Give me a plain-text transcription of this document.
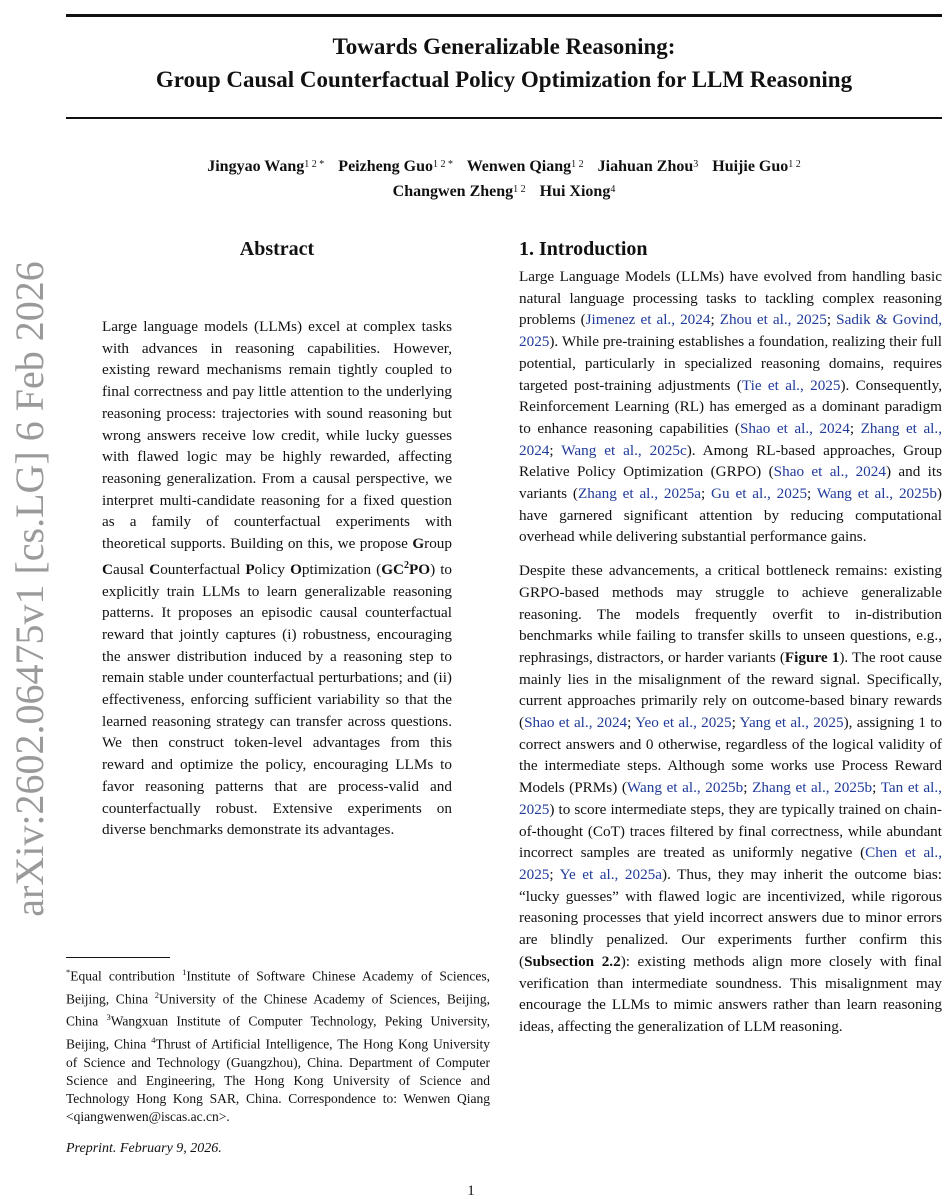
Towards Generalizable Reasoning:
Group Causal Counterfactual Policy Optimization for LLM Reasoning
Jingyao Wang$^{1 2 *}$ Peizheng Guo$^{1 2 *}$ Wenwen Qiang$^{1 2}$ Jiahuan Zhou$^3$ Huijie Guo$^{1 2}$
Changwen Zheng$^{1 2}$ Hui Xiong$^4$
arXiv:2602.06475v1 [cs.LG] 6 Feb 2026
Abstract
Large language models (LLMs) excel at complex tasks with advances in reasoning capabilities. However, existing reward mechanisms remain tightly coupled to final correctness and pay little attention to the underlying reasoning process: trajectories with sound reasoning but wrong answers receive low credit, while lucky guesses with flawed logic may be highly rewarded, affecting reasoning generalization. From a causal perspective, we interpret multi-candidate reasoning for a fixed question as a family of counterfactual experiments with theoretical supports. Building on this, we propose Group Causal Counterfactual Policy Optimization $(GC^2PO)$ to explicitly train LLMs to learn generalizable reasoning patterns. It proposes an episodic causal counterfactual reward that jointly captures (i) robustness, encouraging the answer distribution induced by a reasoning step to remain stable under counterfactual perturbations; and (ii) effectiveness, enforcing sufficient variability so that the learned reasoning strategy can transfer across questions. We then construct token-level advantages from this reward and optimize the policy, encouraging LLMs to favor reasoning patterns that are process-valid and counterfactually robust. Extensive experiments on diverse benchmarks demonstrate its advantages.
*Equal contribution $^1$Institute of Software Chinese Academy of Sciences, Beijing, China $^2$University of the Chinese Academy of Sciences, Beijing, China $^3$Wangxuan Institute of Computer Technology, Peking University, Beijing, China $^4$Thrust of Artificial Intelligence, The Hong Kong University of Science and Technology (Guangzhou), China. Department of Computer Science and Engineering, The Hong Kong University of Science and Technology Hong Kong SAR, China. Correspondence to: Wenwen Qiang <qiangwenwen@iscas.ac.cn>.
Preprint. February 9, 2026.
1. Introduction

Large Language Models (LLMs) have evolved from handling basic natural language processing tasks to tackling complex reasoning problems (Jimenez et al., 2024; Zhou et al., 2025; Sadik & Govind, 2025). While pre-training establishes a foundation, realizing their full potential, particularly in specialized reasoning domains, requires targeted post-training adjustments (Tie et al., 2025). Consequently, Reinforcement Learning (RL) has emerged as a dominant paradigm to enhance reasoning capabilities (Shao et al., 2024; Zhang et al., 2024; Wang et al., 2025c). Among RL-based approaches, Group Relative Policy Optimization (GRPO) (Shao et al., 2024) and its variants (Zhang et al., 2025a; Gu et al., 2025; Wang et al., 2025b) have garnered significant attention by reducing computational overhead while delivering substantial performance gains.

Despite these advancements, a critical bottleneck remains: existing GRPO-based methods may struggle to achieve generalizable reasoning. The models frequently overfit to in-distribution benchmarks while failing to transfer skills to unseen questions, e.g., rephrasings, distractors, or harder variants (Figure 1). The root cause mainly lies in the misalignment of the reward signal. Specifically, current approaches primarily rely on outcome-based binary rewards (Shao et al., 2024; Yeo et al., 2025; Yang et al., 2025), assigning 1 to correct answers and 0 otherwise, regardless of the logical validity of the intermediate steps. Although some works use Process Reward Models (PRMs) (Wang et al., 2025b; Zhang et al., 2025b; Tan et al., 2025) to score intermediate steps, they are typically trained on chain-of-thought (CoT) traces filtered by final correctness, while abundant incorrect samples are treated as uniformly negative (Chen et al., 2025; Ye et al., 2025a). Thus, they may inherit the outcome bias: “lucky guesses” with flawed logic are incentivized, while rigorous reasoning processes that yield incorrect answers due to minor errors are blindly penalized. Our experiments further confirm this (Subsection 2.2): existing methods align more closely with final verification than intermediate soundness. This misalignment may encourage the LLMs to mimic answers rather than learn reasoning ideas, affecting the generalization of LLM reasoning.

1
